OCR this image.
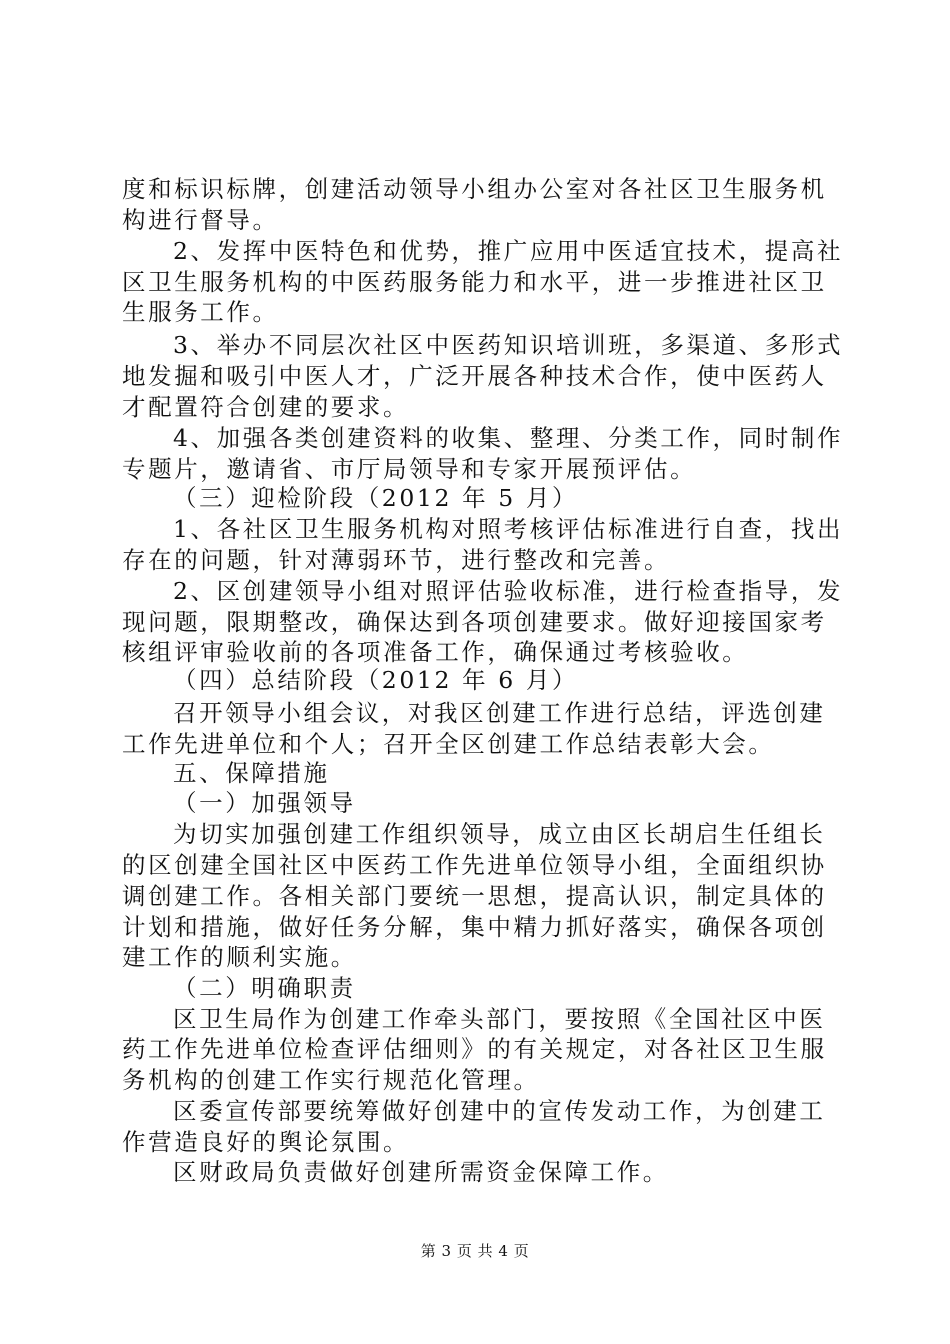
度和标识标牌，创建活动领导小组办公室对各社区卫生服务机
构进行督导。
2、发挥中医特色和优势，推广应用中医适宜技术，提高社
区卫生服务机构的中医药服务能力和水平，进一步推进社区卫
生服务工作。
3、举办不同层次社区中医药知识培训班，多渠道、多形式
地发掘和吸引中医人才，广泛开展各种技术合作，使中医药人
才配置符合创建的要求。
4、加强各类创建资料的收集、整理、分类工作，同时制作
专题片，邀请省、市厅局领导和专家开展预评估。
（三）迎检阶段（2012 年 5 月）
1、各社区卫生服务机构对照考核评估标准进行自查，找出
存在的问题，针对薄弱环节，进行整改和完善。
2、区创建领导小组对照评估验收标准，进行检查指导，发
现问题，限期整改，确保达到各项创建要求。做好迎接国家考
核组评审验收前的各项准备工作，确保通过考核验收。
（四）总结阶段（2012 年 6 月）
召开领导小组会议，对我区创建工作进行总结，评选创建
工作先进单位和个人；召开全区创建工作总结表彰大会。
五、保障措施
（一）加强领导
为切实加强创建工作组织领导，成立由区长胡启生任组长
的区创建全国社区中医药工作先进单位领导小组，全面组织协
调创建工作。各相关部门要统一思想，提高认识，制定具体的
计划和措施，做好任务分解，集中精力抓好落实，确保各项创
建工作的顺利实施。
（二）明确职责
区卫生局作为创建工作牵头部门，要按照《全国社区中医
药工作先进单位检查评估细则》的有关规定，对各社区卫生服
务机构的创建工作实行规范化管理。
区委宣传部要统筹做好创建中的宣传发动工作，为创建工
作营造良好的舆论氛围。
区财政局负责做好创建所需资金保障工作。
第 3 页 共 4 页
